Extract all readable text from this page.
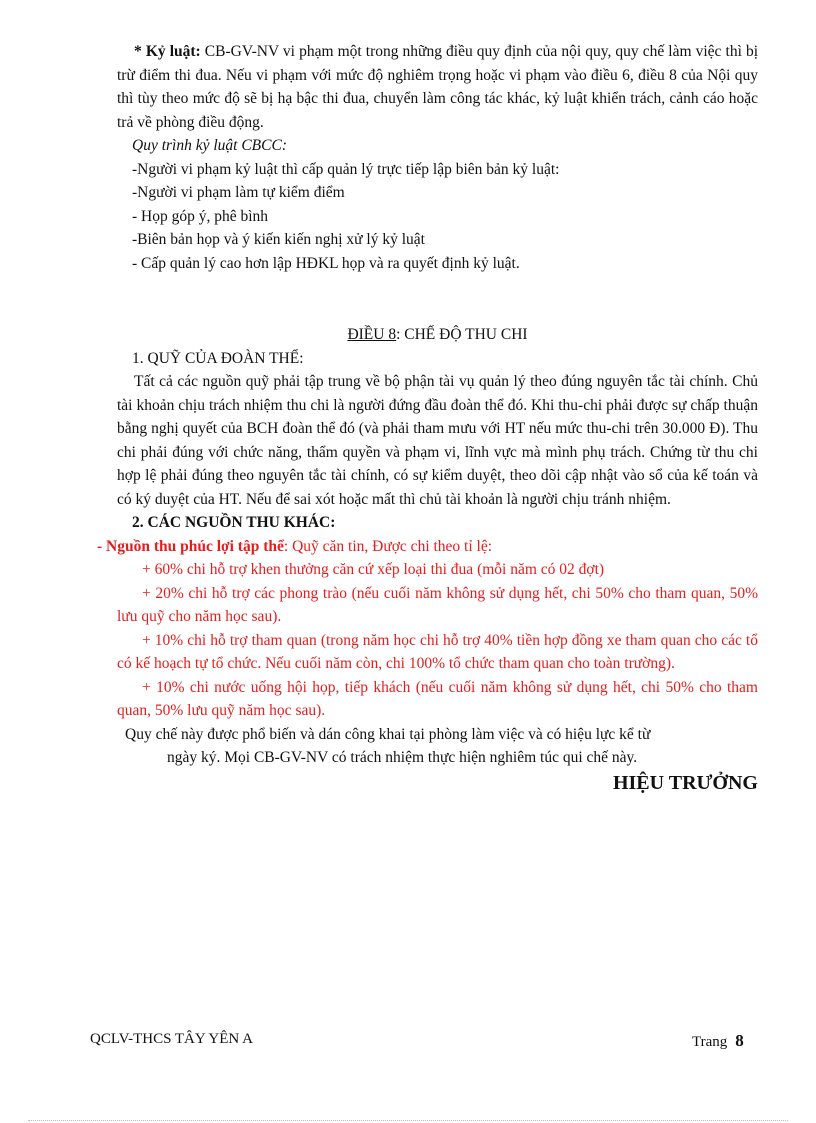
* Kỷ luật: CB-GV-NV vi phạm một trong những điều quy định của nội quy, quy chế làm việc thì bị trừ điểm thi đua. Nếu vi phạm với mức độ nghiêm trọng hoặc vi phạm vào điều 6, điều 8 của Nội quy thì tùy theo mức độ sẽ bị hạ bậc thi đua, chuyển làm công tác khác, kỷ luật khiển trách, cảnh cáo hoặc trả về phòng điều động.

Quy trình kỷ luật CBCC:

-Người vi phạm kỷ luật thì cấp quản lý trực tiếp lập biên bản kỷ luật:

-Người vi phạm làm tự kiểm điểm

- Họp góp ý, phê bình

-Biên bản họp và ý kiến kiến nghị xử lý kỷ luật

- Cấp quản lý cao hơn lập HĐKL họp và ra quyết định kỷ luật.

ĐIỀU 8: CHẾ ĐỘ THU CHI

1. QUỸ CỦA ĐOÀN THỂ:

Tất cả các nguồn quỹ phải tập trung về bộ phận tài vụ quản lý theo đúng nguyên tắc tài chính. Chủ tài khoản chịu trách nhiệm thu chi là người đứng đầu đoàn thể đó. Khi thu-chi phải được sự chấp thuận bằng nghị quyết của BCH đoàn thể đó (và phải tham mưu với HT nếu mức thu-chi trên 30.000 Đ). Thu chi phải đúng với chức năng, thẩm quyền và phạm vi, lĩnh vực mà mình phụ trách. Chứng từ thu chi hợp lệ phải đúng theo nguyên tắc tài chính, có sự kiểm duyệt, theo dõi cập nhật vào sổ của kế toán và có ký duyệt của HT. Nếu để sai xót hoặc mất thì chủ tài khoản là người chịu tránh nhiệm.

2. CÁC NGUỒN THU KHÁC:

- Nguồn thu phúc lợi tập thể: Quỹ căn tin, Được chi theo tỉ lệ:

+ 60% chi hỗ trợ khen thưởng căn cứ xếp loại thi đua (mỗi năm có 02 đợt)

+ 20% chi hỗ trợ các phong trào (nếu cuối năm không sử dụng hết, chi 50% cho tham quan, 50% lưu quỹ cho năm học sau).

+ 10% chi hỗ trợ tham quan (trong năm học chi hỗ trợ 40% tiền hợp đồng xe tham quan cho các tổ có kế hoạch tự tổ chức. Nếu cuối năm còn, chi 100% tổ chức tham quan cho toàn trường).

+ 10% chi nước uống hội họp, tiếp khách (nếu cuối năm không sử dụng hết, chi 50% cho tham quan, 50% lưu quỹ năm học sau).

Quy chế này được phổ biến và dán công khai tại phòng làm việc và có hiệu lực kể từ

ngày ký. Mọi CB-GV-NV có trách nhiệm thực hiện nghiêm túc qui chế này.

HIỆU TRƯỞNG

QCLV-THCS TÂY YÊN A	Trang 8
